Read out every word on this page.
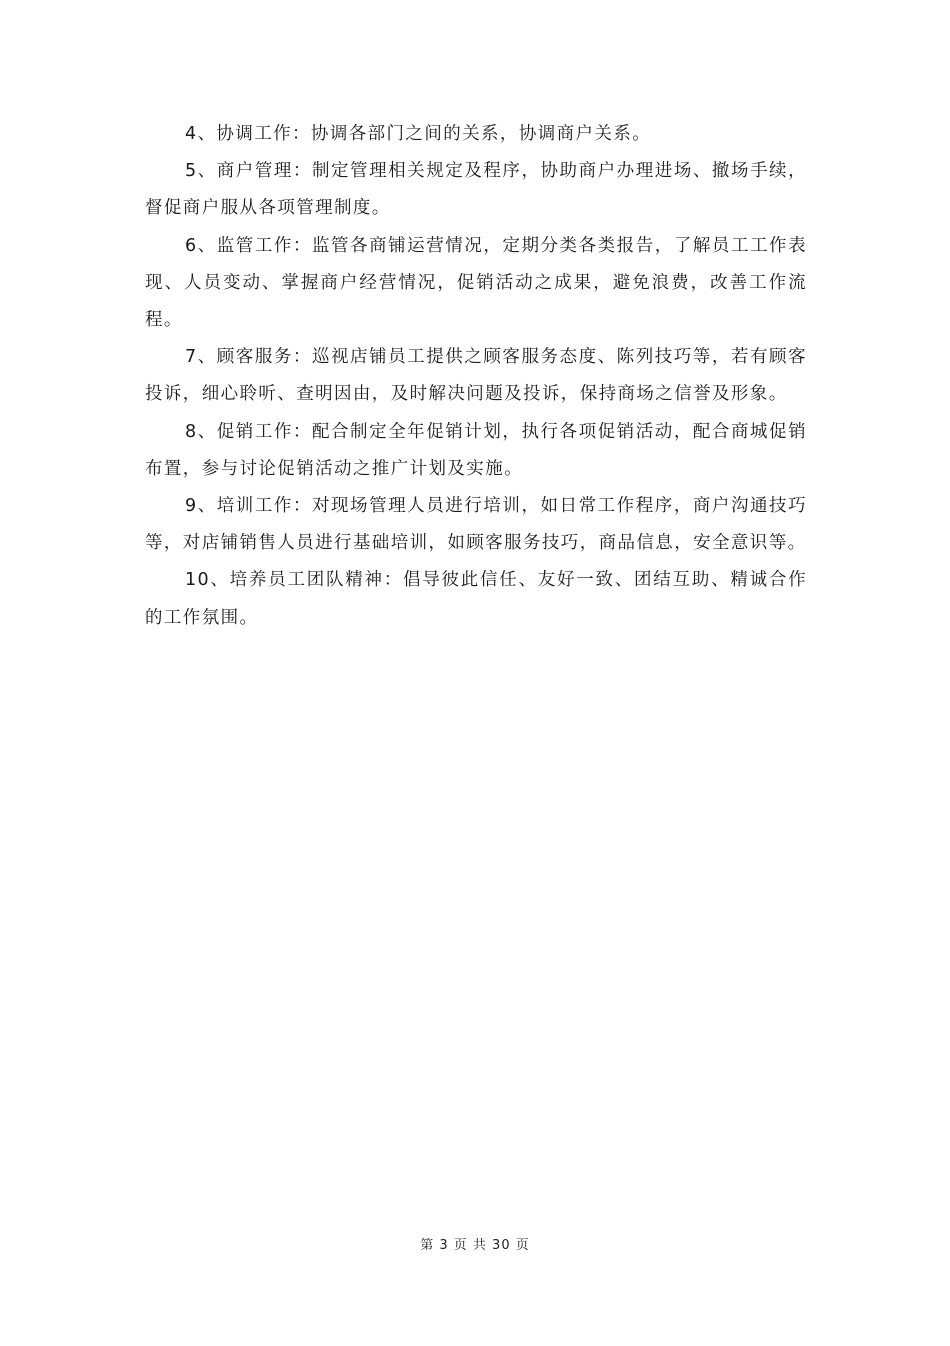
4、协调工作：协调各部门之间的关系，协调商户关系。

5、商户管理：制定管理相关规定及程序，协助商户办理进场、撤场手续，督促商户服从各项管理制度。

6、监管工作：监管各商铺运营情况，定期分类各类报告，了解员工工作表现、人员变动、掌握商户经营情况，促销活动之成果，避免浪费，改善工作流程。

7、顾客服务：巡视店铺员工提供之顾客服务态度、陈列技巧等，若有顾客投诉，细心聆听、查明因由，及时解决问题及投诉，保持商场之信誉及形象。

8、促销工作：配合制定全年促销计划，执行各项促销活动，配合商城促销布置，参与讨论促销活动之推广计划及实施。

9、培训工作：对现场管理人员进行培训，如日常工作程序，商户沟通技巧等，对店铺销售人员进行基础培训，如顾客服务技巧，商品信息，安全意识等。

10、培养员工团队精神：倡导彼此信任、友好一致、团结互助、精诚合作的工作氛围。

第 3 页 共 30 页
